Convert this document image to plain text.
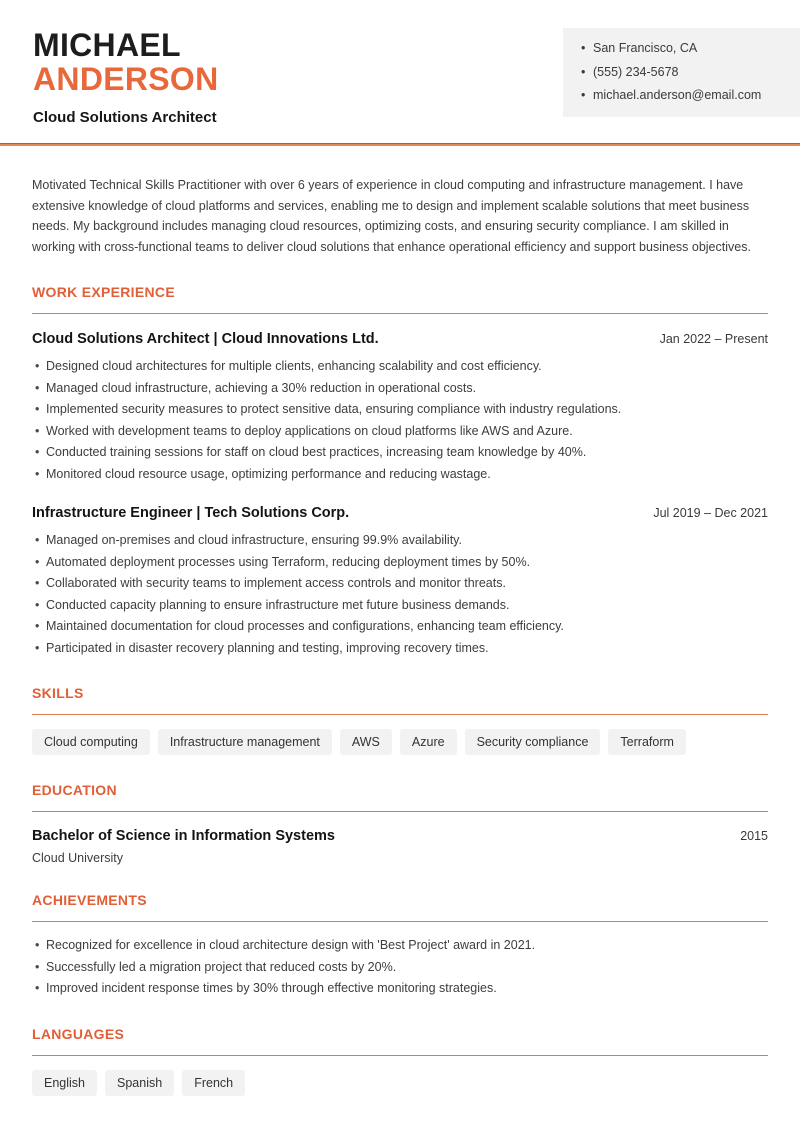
MICHAEL
ANDERSON
Cloud Solutions Architect
• San Francisco, CA
• (555) 234-5678
• michael.anderson@email.com

Motivated Technical Skills Practitioner with over 6 years of experience in cloud computing and infrastructure management. I have extensive knowledge of cloud platforms and services, enabling me to design and implement scalable solutions that meet business needs. My background includes managing cloud resources, optimizing costs, and ensuring security compliance. I am skilled in working with cross-functional teams to deliver cloud solutions that enhance operational efficiency and support business objectives.

WORK EXPERIENCE
Cloud Solutions Architect | Cloud Innovations Ltd.	Jan 2022 – Present
• Designed cloud architectures for multiple clients, enhancing scalability and cost efficiency.
• Managed cloud infrastructure, achieving a 30% reduction in operational costs.
• Implemented security measures to protect sensitive data, ensuring compliance with industry regulations.
• Worked with development teams to deploy applications on cloud platforms like AWS and Azure.
• Conducted training sessions for staff on cloud best practices, increasing team knowledge by 40%.
• Monitored cloud resource usage, optimizing performance and reducing wastage.
Infrastructure Engineer | Tech Solutions Corp.	Jul 2019 – Dec 2021
• Managed on-premises and cloud infrastructure, ensuring 99.9% availability.
• Automated deployment processes using Terraform, reducing deployment times by 50%.
• Collaborated with security teams to implement access controls and monitor threats.
• Conducted capacity planning to ensure infrastructure met future business demands.
• Maintained documentation for cloud processes and configurations, enhancing team efficiency.
• Participated in disaster recovery planning and testing, improving recovery times.
SKILLS
Cloud computing	Infrastructure management	AWS	Azure	Security compliance	Terraform
EDUCATION
Bachelor of Science in Information Systems	2015
Cloud University
ACHIEVEMENTS
• Recognized for excellence in cloud architecture design with 'Best Project' award in 2021.
• Successfully led a migration project that reduced costs by 20%.
• Improved incident response times by 30% through effective monitoring strategies.
LANGUAGES
English	Spanish	French
